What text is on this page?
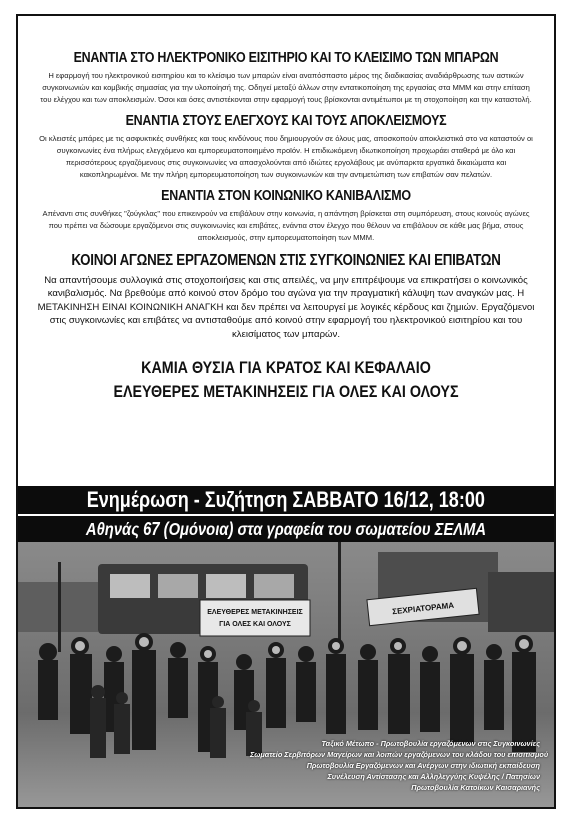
ΕΝΑΝΤΙΑ ΣΤΟ ΗΛΕΚΤΡΟΝΙΚΟ ΕΙΣΙΤΗΡΙΟ ΚΑΙ ΤΟ ΚΛΕΙΣΙΜΟ ΤΩΝ ΜΠΑΡΩΝ

Η εφαρμογή του ηλεκτρονικού εισιτηρίου και το κλείσιμο των μπαρών είναι αναπόσπαστο μέρος της διαδικασίας αναδιάρθρωσης των αστικών συγκοινωνιών και κομβικής σημασίας για την υλοποίησή της. Οδηγεί μεταξύ άλλων στην εντατικοποίηση της εργασίας στα ΜΜΜ και στην επίταση του ελέγχου και των αποκλεισμών. Όσοι και όσες αντιστέκονται στην εφαρμογή τους βρίσκονται αντιμέτωποι με τη στοχοποίηση και την καταστολή.

ΕΝΑΝΤΙΑ ΣΤΟΥΣ ΕΛΕΓΧΟΥΣ ΚΑΙ ΤΟΥΣ ΑΠΟΚΛΕΙΣΜΟΥΣ

Οι κλειστές μπάρες με τις ασφυκτικές συνθήκες και τους κινδύνους που δημιουργούν σε όλους μας, αποσκοπούν αποκλειστικά στο να καταστούν οι συγκοινωνίες ένα πλήρως ελεγχόμενο και εμπορευματοποιημένο προϊόν. Η επιδιωκόμενη ιδιωτικοποίηση προχωράει σταθερά με όλο και περισσότερους εργαζόμενους στις συγκοινωνίες να απασχολούνται από ιδιώτες εργολάβους με ανύπαρκτα εργατικά δικαιώματα και κακοπληρωμένοι. Με την πλήρη εμπορευματοποίηση των συγκοινωνιών και την αντιμετώπιση των επιβατών σαν πελατών.

ΕΝΑΝΤΙΑ ΣΤΟΝ ΚΟΙΝΩΝΙΚΟ ΚΑΝΙΒΑΛΙΣΜΟ

Απέναντι στις συνθήκες "ζούγκλας" που επικεινρούν να επιβάλουν στην κοινωνία, η απάντηση βρίσκεται στη συμπόρευση, στους κοινούς αγώνες που πρέπει να δώσουμε εργαζόμενοι στις συγκοινωνίες και επιβάτες, ενάντια στον έλεγχο που θέλουν να επιβάλουν σε κάθε μας βήμα, στους αποκλεισμούς, στην εμπορευματοποίηση των ΜΜΜ.

ΚΟΙΝΟΙ ΑΓΩΝΕΣ ΕΡΓΑΖΟΜΕΝΩΝ ΣΤΙΣ ΣΥΓΚΟΙΝΩΝΙΕΣ ΚΑΙ ΕΠΙΒΑΤΩΝ

Να απαντήσουμε συλλογικά στις στοχοποιήσεις και στις απειλές, να μην επιτρέψουμε να επικρατήσει ο κοινωνικός κανιβαλισμός. Να βρεθούμε από κοινού στον δρόμο του αγώνα για την πραγματική κάλυψη των αναγκών μας. Η ΜΕΤΑΚΙΝΗΣΗ ΕΙΝΑΙ ΚΟΙΝΩΝΙΚΗ ΑΝΑΓΚΗ και δεν πρέπει να λειτουργεί με λογικές κέρδους και ζημιών. Εργαζόμενοι στις συγκοινωνίες και επιβάτες να αντισταθούμε από κοινού στην εφαρμογή του ηλεκτρονικού εισιτηρίου και του κλεισίματος των μπαρών.

ΚΑΜΙΑ ΘΥΣΙΑ ΓΙΑ ΚΡΑΤΟΣ ΚΑΙ ΚΕΦΑΛΑΙΟ
ΕΛΕΥΘΕΡΕΣ ΜΕΤΑΚΙΝΗΣΕΙΣ ΓΙΑ ΟΛΕΣ ΚΑΙ ΟΛΟΥΣ
Ενημέρωση - Συζήτηση ΣΑΒΒΑΤΟ 16/12, 18:00
Αθηνάς 67 (Ομόνοια) στα γραφεία του σωματείου ΣΕΛΜΑ
ΕΛΕΥΘΕΡΕΣ ΜΕΤΑΚΙΝΗΣΕΙΣ
ΓΙΑ ΟΛΕΣ ΚΑΙ ΟΛΟΥΣ
ΣΕΧΡΙΑΤΟΡΑΜΑ
Ταξικό Μέτωπο - Πρωτοβουλία εργαζόμενων στις Συγκοινωνίες
Σωματείο Σερβιτόρων Μαγείρων και λοιπών εργαζόμενων του κλάδου του επισιτισμού
Πρωτοβουλία Εργαζόμενων και Ανέργων στην ιδιωτική εκπαίδευση
Συνέλευση Αντίστασης και Αλληλεγγύης Κυψέλης / Πατησίων
Πρωτοβουλία Κατοίκων Καισαριανής
